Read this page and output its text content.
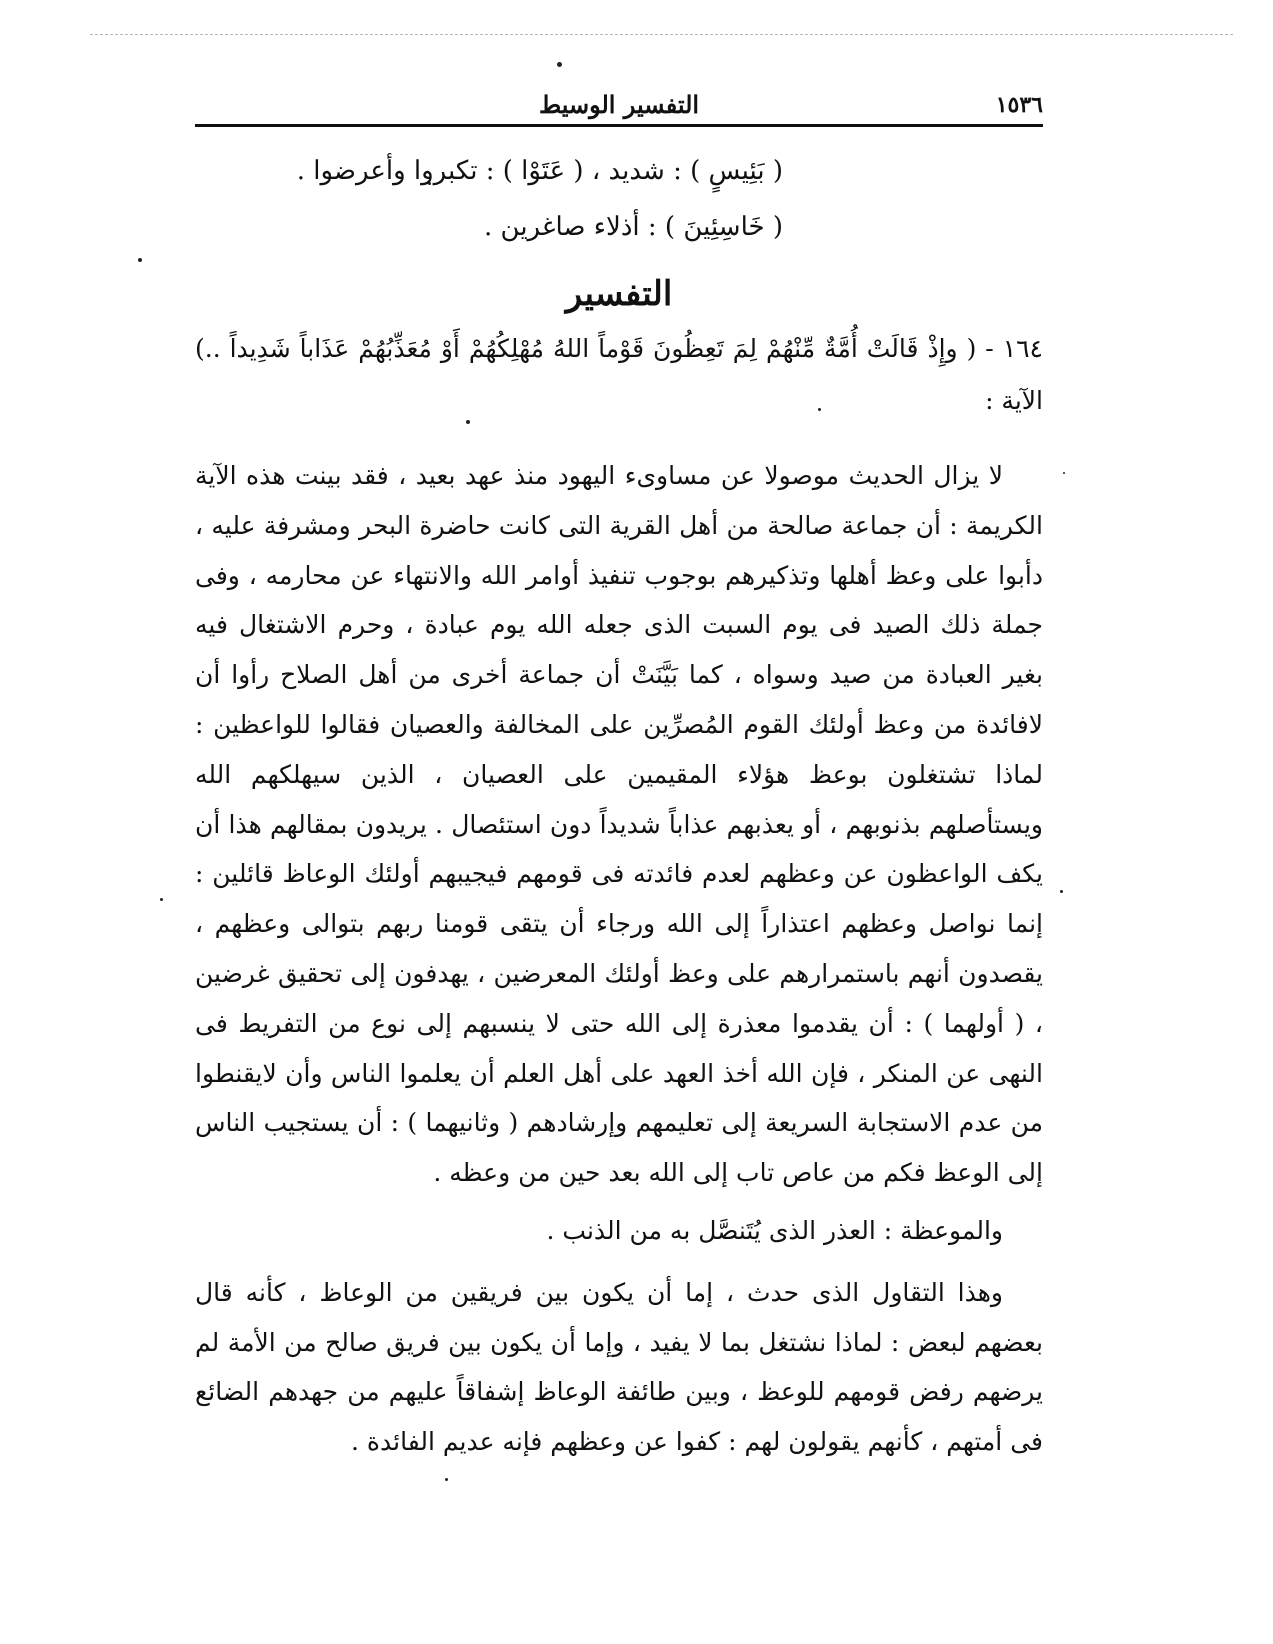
١٥٣٦
التفسير الوسيط

( بَئِيسٍ ) : شديد ، ( عَتَوْا ) : تكبروا وأعرضوا .

( خَاسِئِينَ ) : أذلاء صاغرين .

التفسير

١٦٤ - ( وإِذْ قَالَتْ أُمَّةٌ مِّنْهُمْ لِمَ تَعِظُونَ قَوْماً اللهُ مُهْلِكُهُمْ أَوْ مُعَذِّبُهُمْ عَذَاباً شَدِيداً ..) الآية :

لا يزال الحديث موصولا عن مساوىء اليهود منذ عهد بعيد ، فقد بينت هذه الآية الكريمة : أن جماعة صالحة من أهل القرية التى كانت حاضرة البحر ومشرفة عليه ، دأبوا على وعظ أهلها وتذكيرهم بوجوب تنفيذ أوامر الله والانتهاء عن محارمه ، وفى جملة ذلك الصيد فى يوم السبت الذى جعله الله يوم عبادة ، وحرم الاشتغال فيه بغير العبادة من صيد وسواه ، كما بَيَّنَتْ أن جماعة أخرى من أهل الصلاح رأوا أن لافائدة من وعظ أولئك القوم المُصرِّين على المخالفة والعصيان فقالوا للواعظين : لماذا تشتغلون بوعظ هؤلاء المقيمين على العصيان ، الذين سيهلكهم الله ويستأصلهم بذنوبهم ، أو يعذبهم عذاباً شديداً دون استئصال . يريدون بمقالهم هذا أن يكف الواعظون عن وعظهم لعدم فائدته فى قومهم فيجيبهم أولئك الوعاظ قائلين : إنما نواصل وعظهم اعتذاراً إلى الله ورجاء أن يتقى قومنا ربهم بتوالى وعظهم ، يقصدون أنهم باستمرارهم على وعظ أولئك المعرضين ، يهدفون إلى تحقيق غرضين ، ( أولهما ) : أن يقدموا معذرة إلى الله حتى لا ينسبهم إلى نوع من التفريط فى النهى عن المنكر ، فإن الله أخذ العهد على أهل العلم أن يعلموا الناس وأن لايقنطوا من عدم الاستجابة السريعة إلى تعليمهم وإرشادهم ( وثانيهما ) : أن يستجيب الناس إلى الوعظ فكم من عاص تاب إلى الله بعد حين من وعظه .

والموعظة : العذر الذى يُتَنصَّل به من الذنب .

وهذا التقاول الذى حدث ، إما أن يكون بين فريقين من الوعاظ ، كأنه قال بعضهم لبعض : لماذا نشتغل بما لا يفيد ، وإما أن يكون بين فريق صالح من الأمة لم يرضهم رفض قومهم للوعظ ، وبين طائفة الوعاظ إشفاقاً عليهم من جهدهم الضائع فى أمتهم ، كأنهم يقولون لهم : كفوا عن وعظهم فإنه عديم الفائدة .
